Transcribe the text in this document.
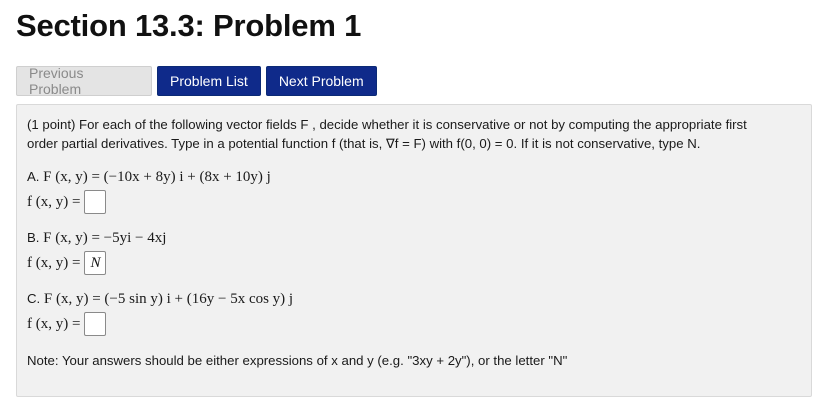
Section 13.3: Problem 1
Previous Problem	Problem List	Next Problem

(1 point) For each of the following vector fields F , decide whether it is conservative or not by computing the appropriate first
order partial derivatives. Type in a potential function f (that is, ∇f = F) with f(0, 0) = 0. If it is not conservative, type N.

A. F (x, y) = (−10x + 8y) i + (8x + 10y) j
f (x, y) =
B. F (x, y) = −5yi − 4xj
f (x, y) = N
C. F (x, y) = (−5 sin y) i + (16y − 5x cos y) j
f (x, y) =

Note: Your answers should be either expressions of x and y (e.g. "3xy + 2y"), or the letter "N"
